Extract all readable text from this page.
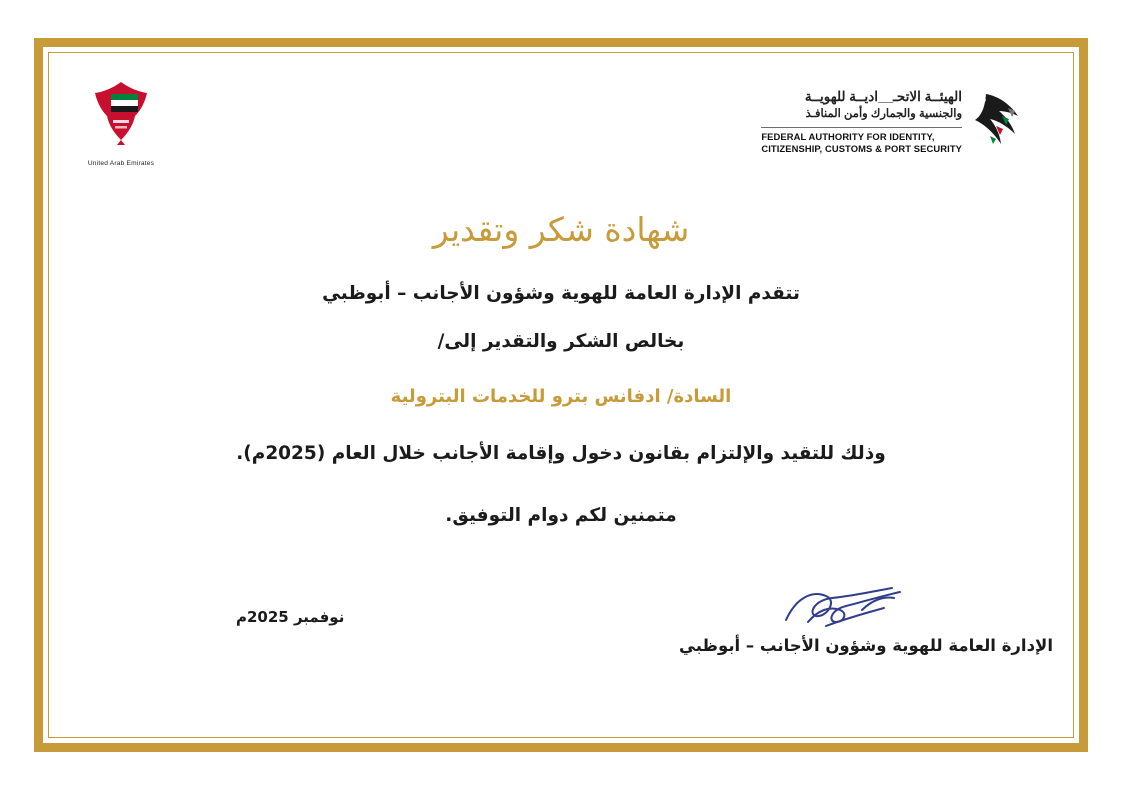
الهيئــة الاتحـ__اديــة للهويــة
والجنسية والجمارك وأمن المنافـذ
FEDERAL AUTHORITY FOR IDENTITY,
CITIZENSHIP, CUSTOMS & PORT SECURITY
United Arab Emirates
شهادة شكر وتقدير
تتقدم الإدارة العامة للهوية وشؤون الأجانب – أبوظبي
بخالص الشكر والتقدير إلى/
السادة/ ادفانس بترو للخدمات البترولية
وذلك للتقيد والإلتزام بقانون دخول وإقامة الأجانب خلال العام (2025م).
متمنين لكم دوام التوفيق.
نوفمبر 2025م
الإدارة العامة للهوية وشؤون الأجانب – أبوظبي
